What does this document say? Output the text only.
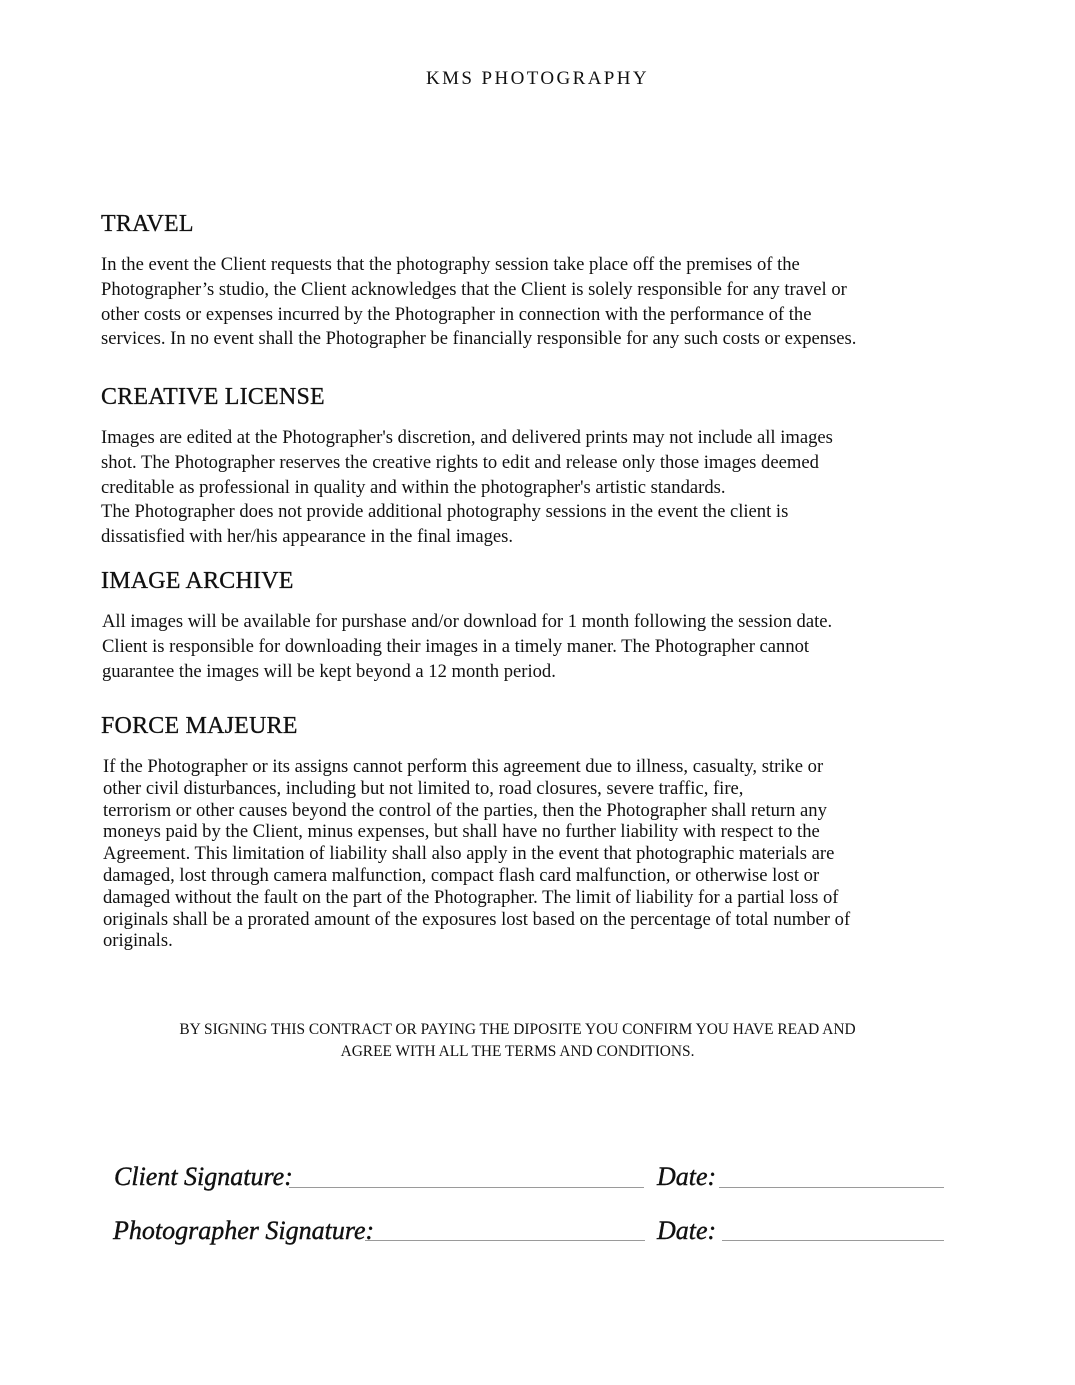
KMS PHOTOGRAPHY
TRAVEL

In the event the Client requests that the photography session take place off the premises of the
Photographer’s studio, the Client acknowledges that the Client is solely responsible for any travel or
other costs or expenses incurred by the Photographer in connection with the performance of the
services. In no event shall the Photographer be financially responsible for any such costs or expenses.

CREATIVE LICENSE

Images are edited at the Photographer's discretion, and delivered prints may not include all images
shot. The Photographer reserves the creative rights to edit and release only those images deemed
creditable as professional in quality and within the photographer's artistic standards.
The Photographer does not provide additional photography sessions in the event the client is
dissatisfied with her/his appearance in the final images.

IMAGE ARCHIVE

All images will be available for purshase and/or download for 1 month following the session date.
Client is responsible for downloading their images in a timely maner. The Photographer cannot
guarantee the images will be kept beyond a 12 month period.

FORCE MAJEURE

If the Photographer or its assigns cannot perform this agreement due to illness, casualty, strike or
other civil disturbances, including but not limited to, road closures, severe traffic, fire,
terrorism or other causes beyond the control of the parties, then the Photographer shall return any
moneys paid by the Client, minus expenses, but shall have no further liability with respect to the
Agreement. This limitation of liability shall also apply in the event that photographic materials are
damaged, lost through camera malfunction, compact flash card malfunction, or otherwise lost or
damaged without the fault on the part of the Photographer. The limit of liability for a partial loss of
originals shall be a prorated amount of the exposures lost based on the percentage of total number of
originals.

BY SIGNING THIS CONTRACT OR PAYING THE DIPOSITE YOU CONFIRM YOU HAVE READ AND
AGREE WITH ALL THE TERMS AND CONDITIONS.
Client Signature:	Date:
Photographer Signature:	Date:
